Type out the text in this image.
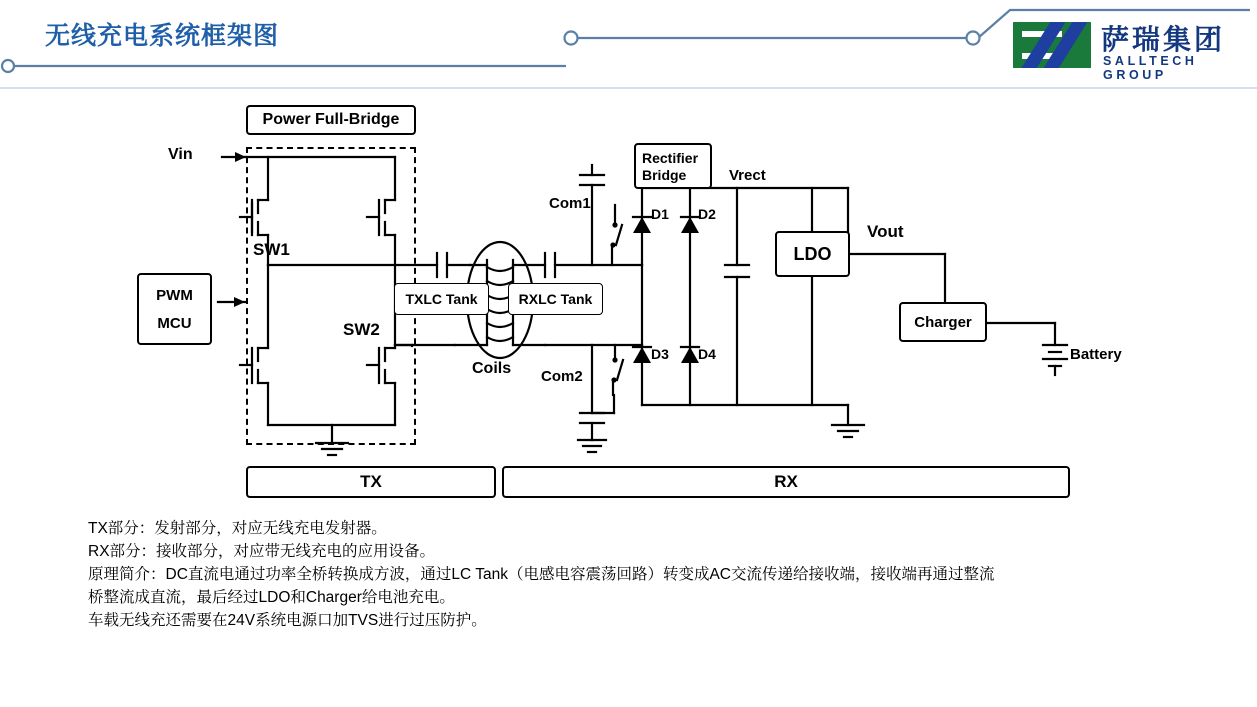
无线充电系统框架图	萨瑞集团
SALLTECH GROUP
Power Full-Bridge
Vin
SW1
SW2
PWM
MCU
TXLC Tank	RXLC Tank
Coils
Com1
Com2
Rectifier
Bridge
D1 D2
D3 D4
Vrect
LDO
Vout
Charger
Battery
TX	RX

TX部分：发射部分，对应无线充电发射器。

RX部分：接收部分，对应带无线充电的应用设备。

原理简介：DC直流电通过功率全桥转换成方波，通过LC Tank（电感电容震荡回路）转变成AC交流传递给接收端，接收端再通过整流

桥整流成直流，最后经过LDO和Charger给电池充电。

车载无线充还需要在24V系统电源口加TVS进行过压防护。
